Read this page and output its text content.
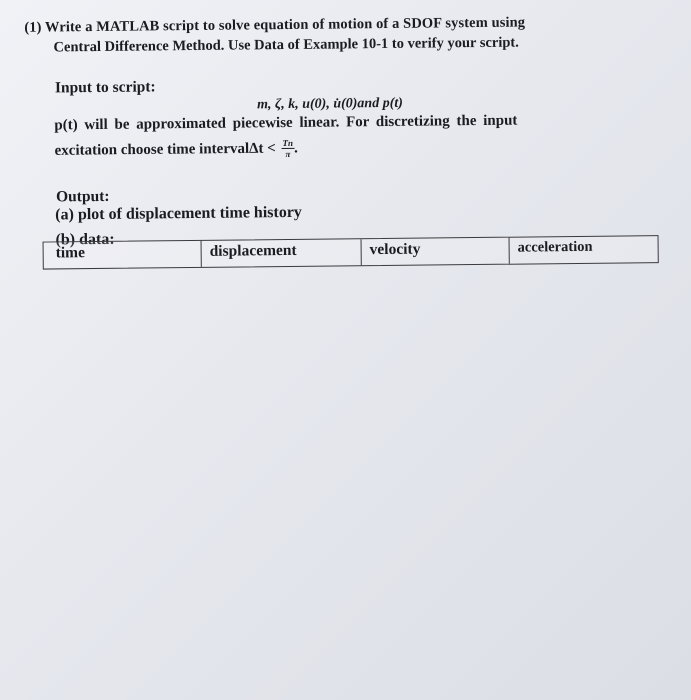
(1) Write a MATLAB script to solve equation of motion of a SDOF system using
Central Difference Method. Use Data of Example 10-1 to verify your script.
Input to script:
m, ζ, k, u(0), u̇(0)and p(t)
p(t) will be approximated piecewise linear. For discretizing the input
excitation choose time intervalΔt < $\frac{Tn}{\pi}$ .
Output:
(a) plot of displacement time history
(b) data:
time	displacement	velocity	acceleration
